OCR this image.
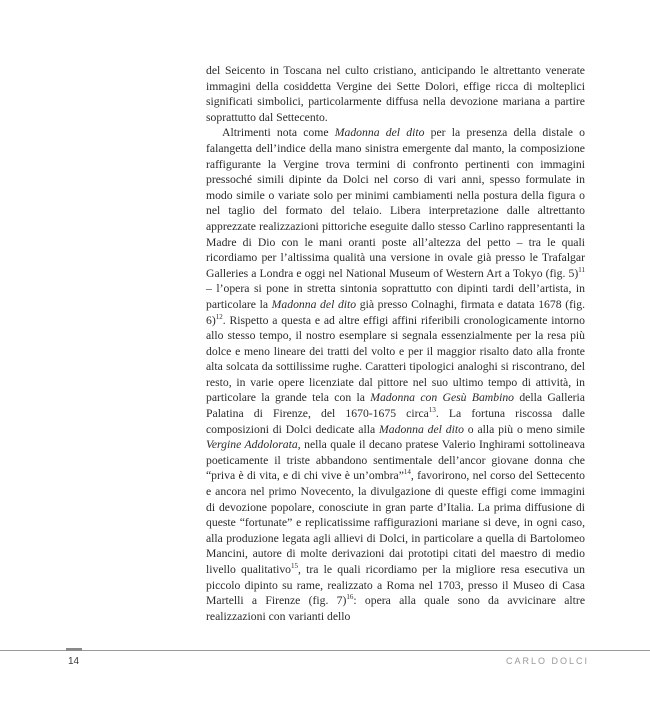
del Seicento in Toscana nel culto cristiano, anticipando le altrettanto venerate immagini della cosiddetta Vergine dei Sette Dolori, effige ricca di molteplici significati simbolici, particolarmente diffusa nella devozione mariana a partire soprattutto dal Settecento.

Altrimenti nota come Madonna del dito per la presenza della distale o falangetta dell’indice della mano sinistra emergente dal manto, la composizione raffigurante la Vergine trova termini di confronto pertinenti con immagini pressoché simili dipinte da Dolci nel corso di vari anni, spesso formulate in modo simile o variate solo per minimi cambiamenti nella postura della figura o nel taglio del formato del telaio. Libera interpretazione dalle altrettanto apprezzate realizzazioni pittoriche eseguite dallo stesso Carlino rappresentanti la Madre di Dio con le mani oranti poste all’altezza del petto – tra le quali ricordiamo per l’altissima qualità una versione in ovale già presso le Trafalgar Galleries a Londra e oggi nel National Museum of Western Art a Tokyo (fig. 5)$^{11}$ – l’opera si pone in stretta sintonia soprattutto con dipinti tardi dell’artista, in particolare la Madonna del dito già presso Colnaghi, firmata e datata 1678 (fig. 6)$^{12}$. Rispetto a questa e ad altre effigi affini riferibili cronologicamente intorno allo stesso tempo, il nostro esemplare si segnala essenzialmente per la resa più dolce e meno lineare dei tratti del volto e per il maggior risalto dato alla fronte alta solcata da sottilissime rughe. Caratteri tipologici analoghi si riscontrano, del resto, in varie opere licenziate dal pittore nel suo ultimo tempo di attività, in particolare la grande tela con la Madonna con Gesù Bambino della Galleria Palatina di Firenze, del 1670-1675 circa$^{13}$. La fortuna riscossa dalle composizioni di Dolci dedicate alla Madonna del dito o alla più o meno simile Vergine Addolorata, nella quale il decano pratese Valerio Inghirami sottolineava poeticamente il triste abbandono sentimentale dell’ancor giovane donna che “priva è di vita, e di chi vive è un’ombra”$^{14}$, favorirono, nel corso del Settecento e ancora nel primo Novecento, la divulgazione di queste effigi come immagini di devozione popolare, conosciute in gran parte d’Italia. La prima diffusione di queste “fortunate” e replicatissime raffigurazioni mariane si deve, in ogni caso, alla produzione legata agli allievi di Dolci, in particolare a quella di Bartolomeo Mancini, autore di molte derivazioni dai prototipi citati del maestro di medio livello qualitativo$^{15}$, tra le quali ricordiamo per la migliore resa esecutiva un piccolo dipinto su rame, realizzato a Roma nel 1703, presso il Museo di Casa Martelli a Firenze (fig. 7)$^{16}$: opera alla quale sono da avvicinare altre realizzazioni con varianti dello

14	CARLO DOLCI
